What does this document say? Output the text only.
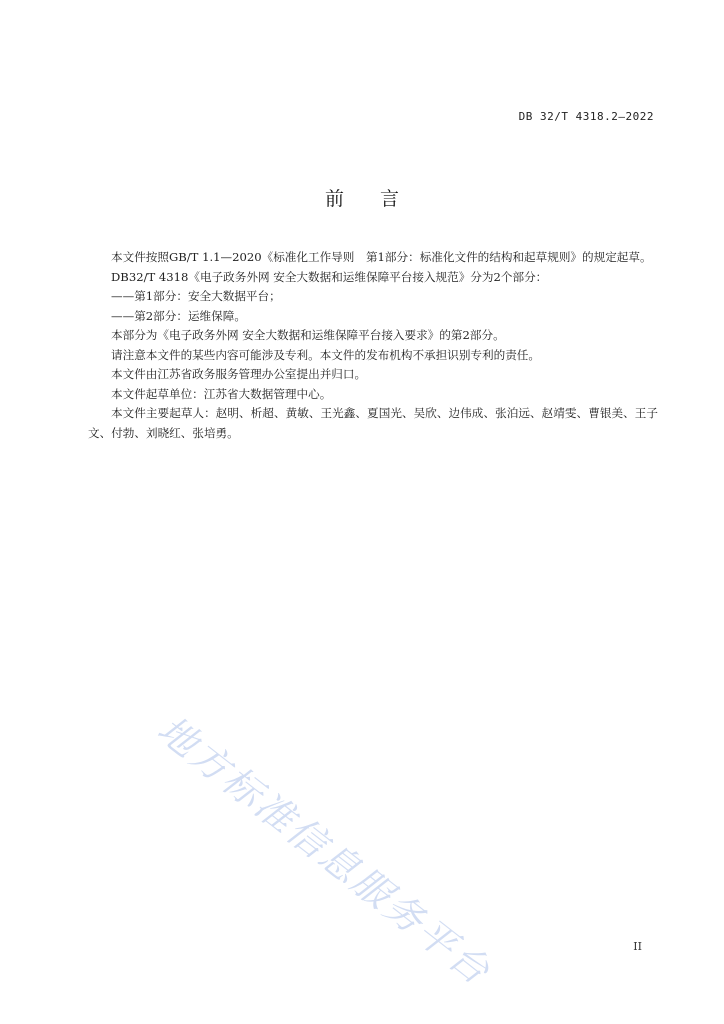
DB 32/T 4318.2—2022
前言

本文件按照GB/T 1.1—2020《标准化工作导则　第1部分：标准化文件的结构和起草规则》的规定起草。

DB32/T 4318《电子政务外网 安全大数据和运维保障平台接入规范》分为2个部分：

——第1部分：安全大数据平台；

——第2部分：运维保障。

本部分为《电子政务外网 安全大数据和运维保障平台接入要求》的第2部分。

请注意本文件的某些内容可能涉及专利。本文件的发布机构不承担识别专利的责任。

本文件由江苏省政务服务管理办公室提出并归口。

本文件起草单位：江苏省大数据管理中心。

本文件主要起草人：赵明、析超、黄敏、王光鑫、夏国光、吴欣、边伟成、张泊远、赵靖雯、曹银美、王子文、付勃、刘晓红、张培勇。

地方标准信息服务平台	II
